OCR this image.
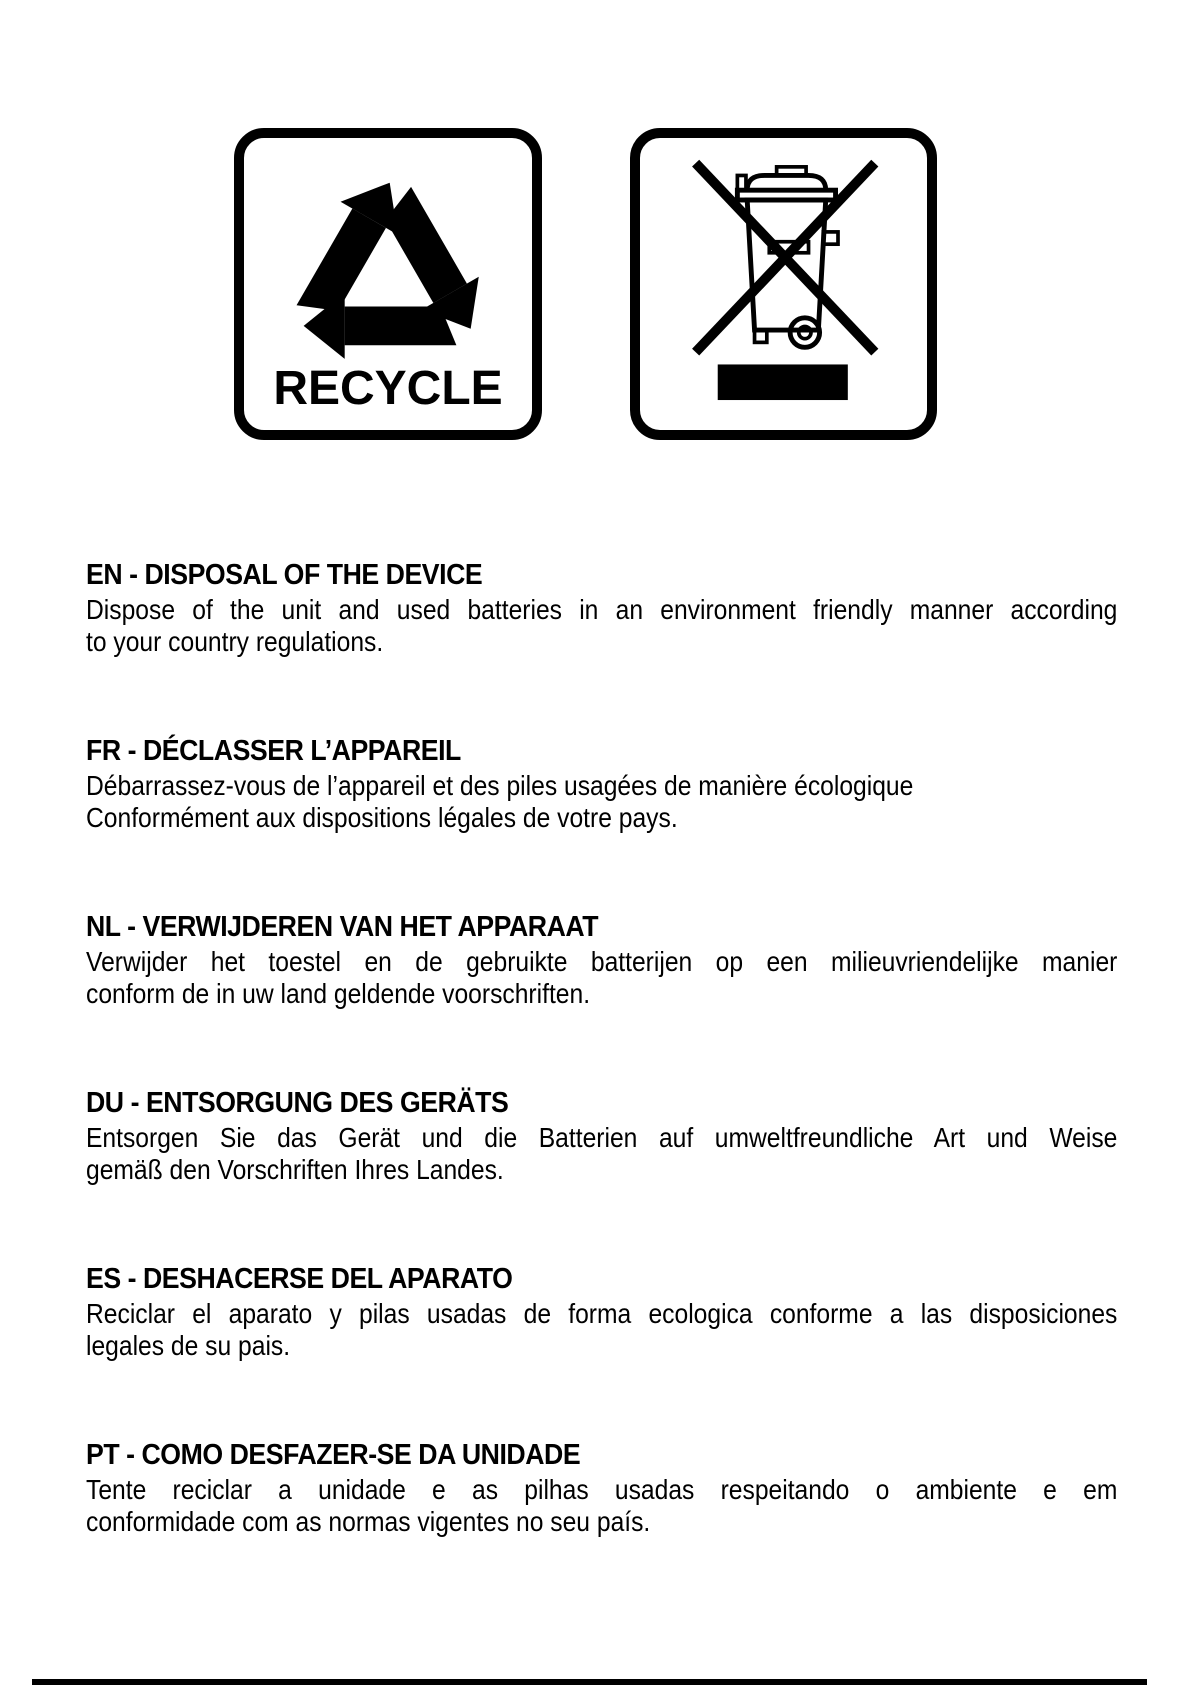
RECYCLE
EN - DISPOSAL OF THE DEVICE

Dispose of the unit and used batteries in an environment friendly manner according

to your country regulations.

FR - DÉCLASSER L’APPAREIL

Débarrassez-vous de l’appareil et des piles usagées de manière écologique

Conformément aux dispositions légales de votre pays.

NL - VERWIJDEREN VAN HET APPARAAT

Verwijder het toestel en de gebruikte batterijen op een milieuvriendelijke manier

conform de in uw land geldende voorschriften.

DU - ENTSORGUNG DES GERÄTS

Entsorgen Sie das Gerät und die Batterien auf umweltfreundliche Art und Weise

gemäß den Vorschriften Ihres Landes.

ES - DESHACERSE DEL APARATO

Reciclar el aparato y pilas usadas de forma ecologica conforme a las disposiciones

legales de su pais.

PT - COMO DESFAZER-SE DA UNIDADE

Tente reciclar a unidade e as pilhas usadas respeitando o ambiente e em

conformidade com as normas vigentes no seu país.
